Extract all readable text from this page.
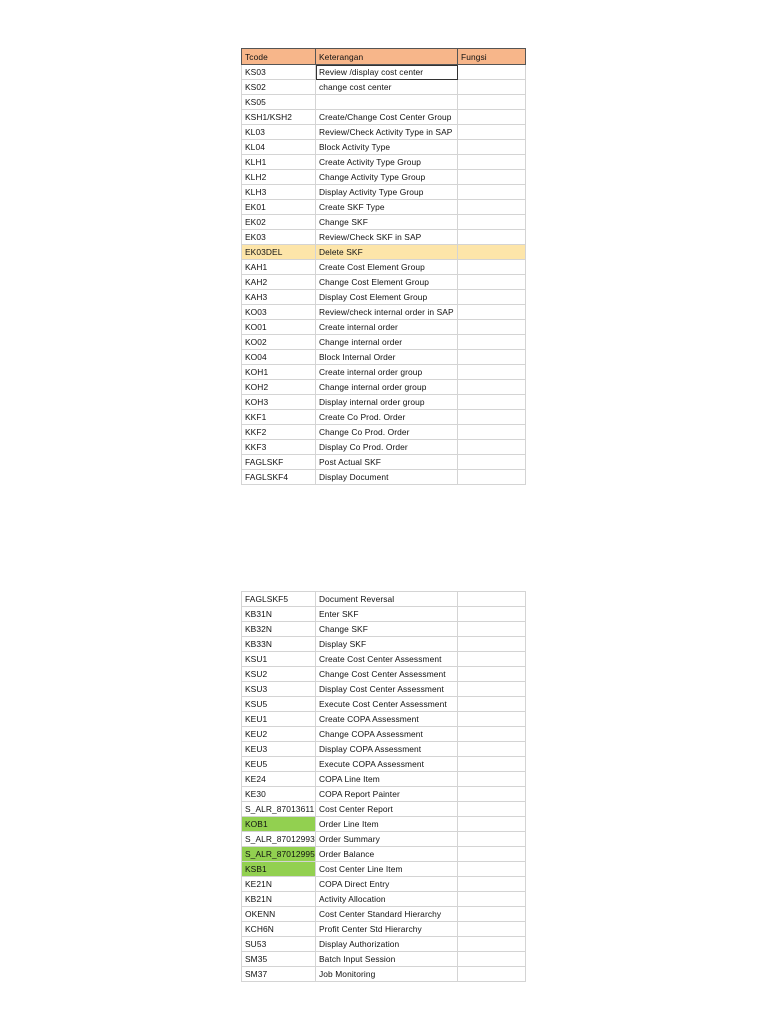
Tcode	Keterangan	Fungsi
KS03	Review /display cost center	
KS02	change cost center	
KS05		
KSH1/KSH2	Create/Change Cost Center Group	
KL03	Review/Check Activity Type in SAP	
KL04	Block Activity Type	
KLH1	Create Activity Type Group	
KLH2	Change Activity Type Group	
KLH3	Display Activity Type Group	
EK01	Create SKF Type	
EK02	Change SKF	
EK03	Review/Check SKF in SAP	
EK03DEL	Delete SKF	
KAH1	Create Cost Element Group	
KAH2	Change Cost Element Group	
KAH3	Display Cost Element Group	
KO03	Review/check internal order in SAP	
KO01	Create internal order	
KO02	Change internal order	
KO04	Block Internal Order	
KOH1	Create internal order group	
KOH2	Change internal order group	
KOH3	Display internal order group	
KKF1	Create Co Prod. Order	
KKF2	Change Co Prod. Order	
KKF3	Display Co Prod. Order	
FAGLSKF	Post Actual SKF	
FAGLSKF4	Display Document	
FAGLSKF5	Document Reversal	
KB31N	Enter SKF	
KB32N	Change SKF	
KB33N	Display SKF	
KSU1	Create Cost Center Assessment	
KSU2	Change Cost Center Assessment	
KSU3	Display Cost Center Assessment	
KSU5	Execute Cost Center Assessment	
KEU1	Create COPA Assessment	
KEU2	Change COPA Assessment	
KEU3	Display COPA Assessment	
KEU5	Execute COPA Assessment	
KE24	COPA Line Item	
KE30	COPA Report Painter	
S_ALR_87013611	Cost Center Report	
KOB1	Order Line Item	
S_ALR_87012993	Order Summary	
S_ALR_87012995	Order Balance	
KSB1	Cost Center Line Item	
KE21N	COPA Direct Entry	
KB21N	Activity Allocation	
OKENN	Cost Center Standard Hierarchy	
KCH6N	Profit Center Std Hierarchy	
SU53	Display Authorization	
SM35	Batch Input Session	
SM37	Job Monitoring	
